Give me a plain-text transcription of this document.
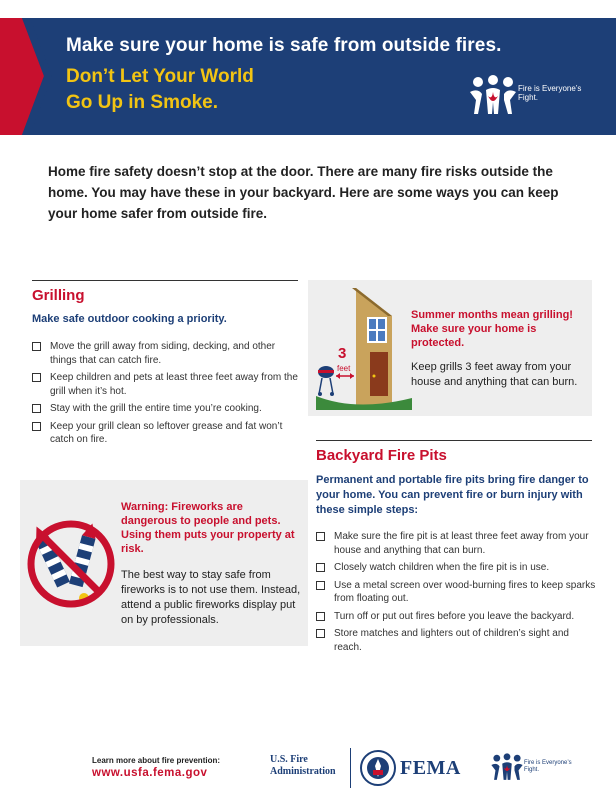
Make sure your home is safe from outside fires.
Don’t Let Your World
Go Up in Smoke.
Fire is Everyone’s Fight.
Home fire safety doesn’t stop at the door. There are many fire risks outside the home. You may have these in your backyard. Here are some ways you can keep your home safer from outside fire.
Grilling
Make safe outdoor cooking a priority.
Move the grill away from siding, decking, and other things that can catch fire.
Keep children and pets at least three feet away from the grill when it’s hot.
Stay with the grill the entire time you’re cooking.
Keep your grill clean so leftover grease and fat won’t catch on fire.
3
feet
Summer months mean grilling! Make sure your home is protected.
Keep grills 3 feet away from your house and anything that can burn.
Backyard Fire Pits
Permanent and portable fire pits bring fire danger to your home. You can prevent fire or burn injury with these simple steps:
Make sure the fire pit is at least three feet away from your house and anything that can burn.
Closely watch children when the fire pit is in use.
Use a metal screen over wood-burning fires to keep sparks from floating out.
Turn off or put out fires before you leave the backyard.
Store matches and lighters out of children’s sight and reach.
Warning: Fireworks are dangerous to people and pets. Using them puts your property at risk.
The best way to stay safe from fireworks is to not use them. Instead, attend a public fireworks display put on by professionals.
Learn more about fire prevention:
www.usfa.fema.gov
U.S. Fire Administration	FEMA	Fire is Everyone’s Fight.
